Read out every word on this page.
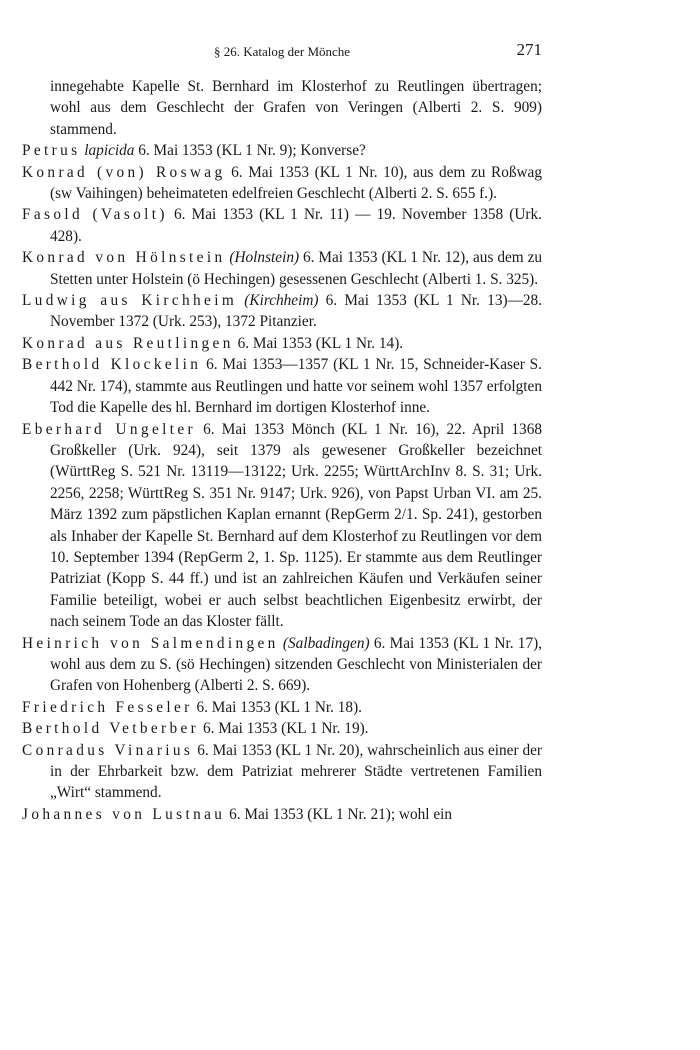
§ 26. Katalog der Mönche	271

innegehabte Kapelle St. Bernhard im Klosterhof zu Reutlingen übertragen; wohl aus dem Geschlecht der Grafen von Veringen (Alberti 2. S. 909) stammend.

Petrus lapicida 6. Mai 1353 (KL 1 Nr. 9); Konverse?

Konrad (von) Roswag 6. Mai 1353 (KL 1 Nr. 10), aus dem zu Roßwag (sw Vaihingen) beheimateten edelfreien Geschlecht (Alberti 2. S. 655 f.).

Fasold (Vasolt) 6. Mai 1353 (KL 1 Nr. 11) — 19. November 1358 (Urk. 428).

Konrad von Hölnstein (Holnstein) 6. Mai 1353 (KL 1 Nr. 12), aus dem zu Stetten unter Holstein (ö Hechingen) gesessenen Geschlecht (Alberti 1. S. 325).

Ludwig aus Kirchheim (Kirchheim) 6. Mai 1353 (KL 1 Nr. 13)—28. November 1372 (Urk. 253), 1372 Pitanzier.

Konrad aus Reutlingen 6. Mai 1353 (KL 1 Nr. 14).

Berthold Klockelin 6. Mai 1353—1357 (KL 1 Nr. 15, Schneider-Kaser S. 442 Nr. 174), stammte aus Reutlingen und hatte vor seinem wohl 1357 erfolgten Tod die Kapelle des hl. Bernhard im dortigen Klosterhof inne.

Eberhard Ungelter 6. Mai 1353 Mönch (KL 1 Nr. 16), 22. April 1368 Großkeller (Urk. 924), seit 1379 als gewesener Großkeller bezeichnet (WürttReg S. 521 Nr. 13119—13122; Urk. 2255; WürttArchInv 8. S. 31; Urk. 2256, 2258; WürttReg S. 351 Nr. 9147; Urk. 926), von Papst Urban VI. am 25. März 1392 zum päpstlichen Kaplan ernannt (RepGerm 2/1. Sp. 241), gestorben als Inhaber der Kapelle St. Bernhard auf dem Klosterhof zu Reutlingen vor dem 10. September 1394 (RepGerm 2, 1. Sp. 1125). Er stammte aus dem Reutlinger Patriziat (Kopp S. 44 ff.) und ist an zahlreichen Käufen und Verkäufen seiner Familie beteiligt, wobei er auch selbst beachtlichen Eigenbesitz erwirbt, der nach seinem Tode an das Kloster fällt.

Heinrich von Salmendingen (Salbadingen) 6. Mai 1353 (KL 1 Nr. 17), wohl aus dem zu S. (sö Hechingen) sitzenden Geschlecht von Ministerialen der Grafen von Hohenberg (Alberti 2. S. 669).

Friedrich Fesseler 6. Mai 1353 (KL 1 Nr. 18).

Berthold Vetberber 6. Mai 1353 (KL 1 Nr. 19).

Conradus Vinarius 6. Mai 1353 (KL 1 Nr. 20), wahrscheinlich aus einer der in der Ehrbarkeit bzw. dem Patriziat mehrerer Städte vertretenen Familien „Wirt“ stammend.

Johannes von Lustnau 6. Mai 1353 (KL 1 Nr. 21); wohl ein
